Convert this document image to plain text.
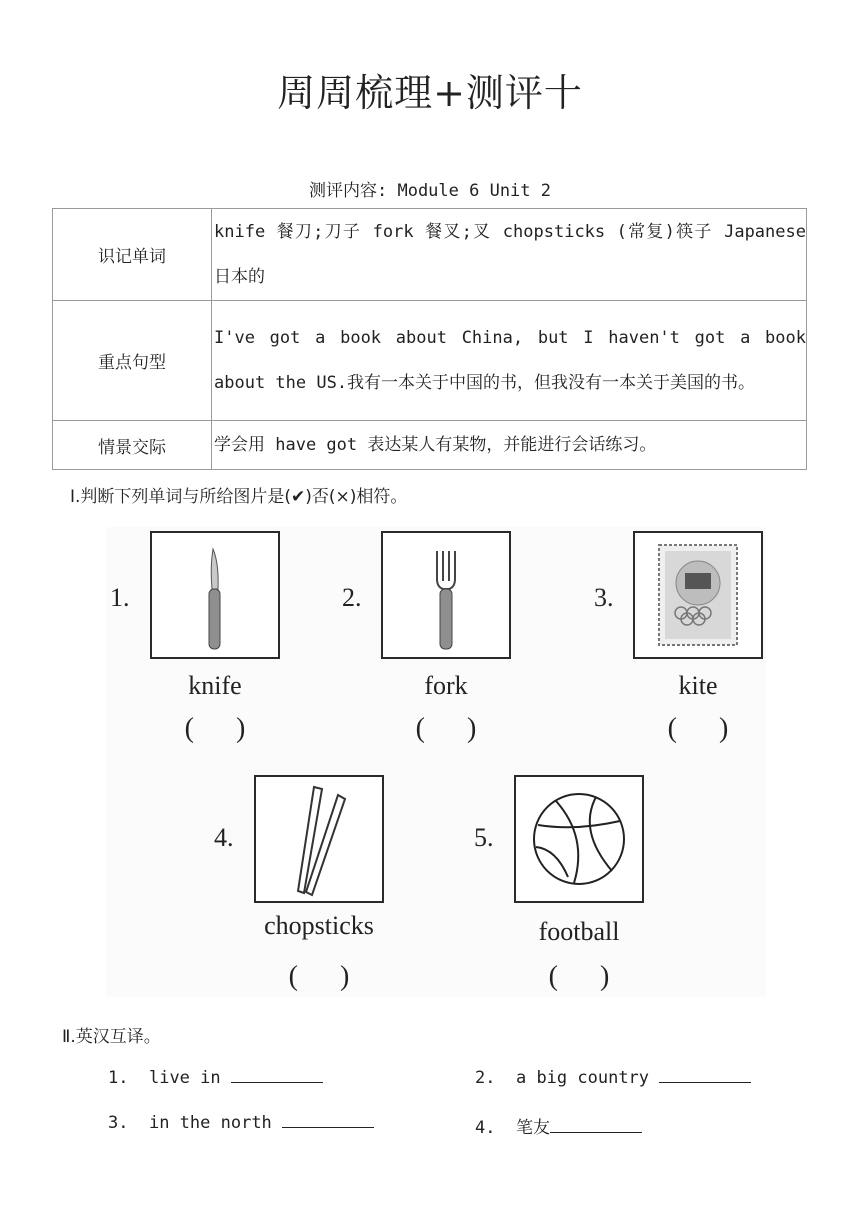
周周梳理+测评十
测评内容: Module 6 Unit 2
识记单词	knife 餐刀;刀子 fork 餐叉;叉 chopsticks (常复)筷子 Japanese 日本的
重点句型	I've got a book about China, but I haven't got a book about the US.我有一本关于中国的书，但我没有一本关于美国的书。
情景交际	学会用 have got 表达某人有某物，并能进行会话练习。
Ⅰ.判断下列单词与所给图片是(✔)否(×)相符。
1.
knife
(      )
2.
fork
(      )
3.
kite
(      )
4.
chopsticks
(      )
5.
football
(      )
Ⅱ.英汉互译。
1. live in	2. a big country
3. in the north	4. 笔友
